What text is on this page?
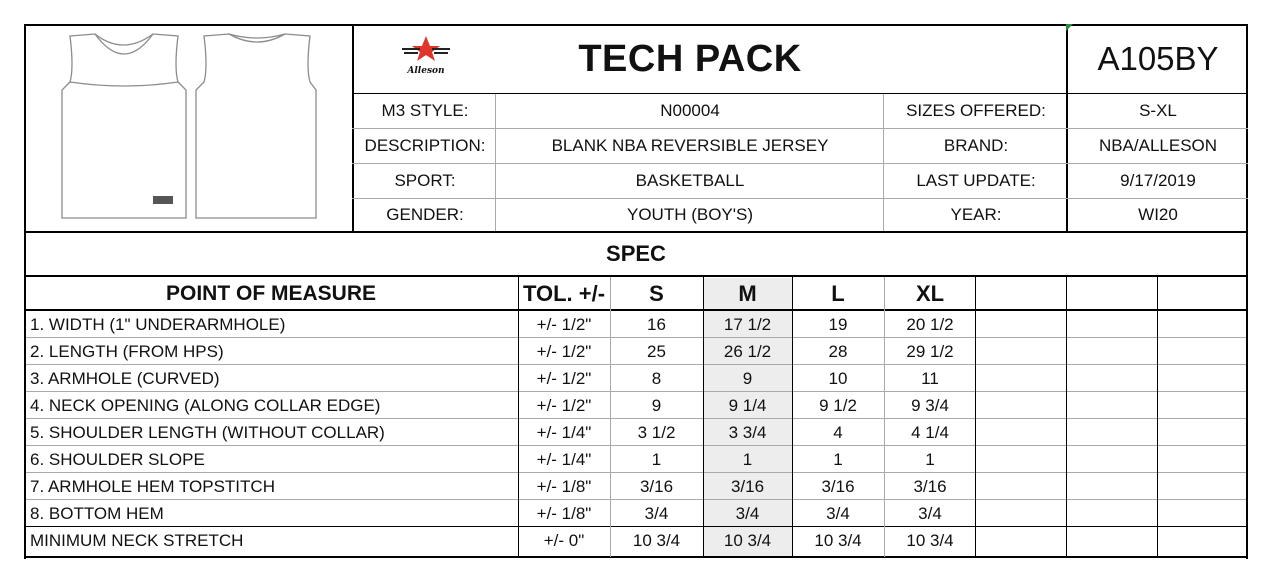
Alleson	TECH PACK	A105BY
M3 STYLE:	N00004	SIZES OFFERED:	S-XL
DESCRIPTION:	BLANK NBA REVERSIBLE JERSEY	BRAND:	NBA/ALLESON
SPORT:	BASKETBALL	LAST UPDATE:	9/17/2019
GENDER:	YOUTH (BOY'S)	YEAR:	WI20
SPEC
POINT OF MEASURE	TOL. +/-	S	M	L	XL
1. WIDTH (1" UNDERARMHOLE)	+/- 1/2"	16	17 1/2	19	20 1/2
2. LENGTH (FROM HPS)	+/- 1/2"	25	26 1/2	28	29 1/2
3. ARMHOLE (CURVED)	+/- 1/2"	8	9	10	11
4. NECK OPENING (ALONG COLLAR EDGE)	+/- 1/2"	9	9 1/4	9 1/2	9 3/4
5. SHOULDER LENGTH (WITHOUT COLLAR)	+/- 1/4"	3 1/2	3 3/4	4	4 1/4
6. SHOULDER SLOPE	+/- 1/4"	1	1	1	1
7. ARMHOLE HEM TOPSTITCH	+/- 1/8"	3/16	3/16	3/16	3/16
8. BOTTOM HEM	+/- 1/8"	3/4	3/4	3/4	3/4
MINIMUM NECK STRETCH	+/- 0"	10 3/4	10 3/4	10 3/4	10 3/4
